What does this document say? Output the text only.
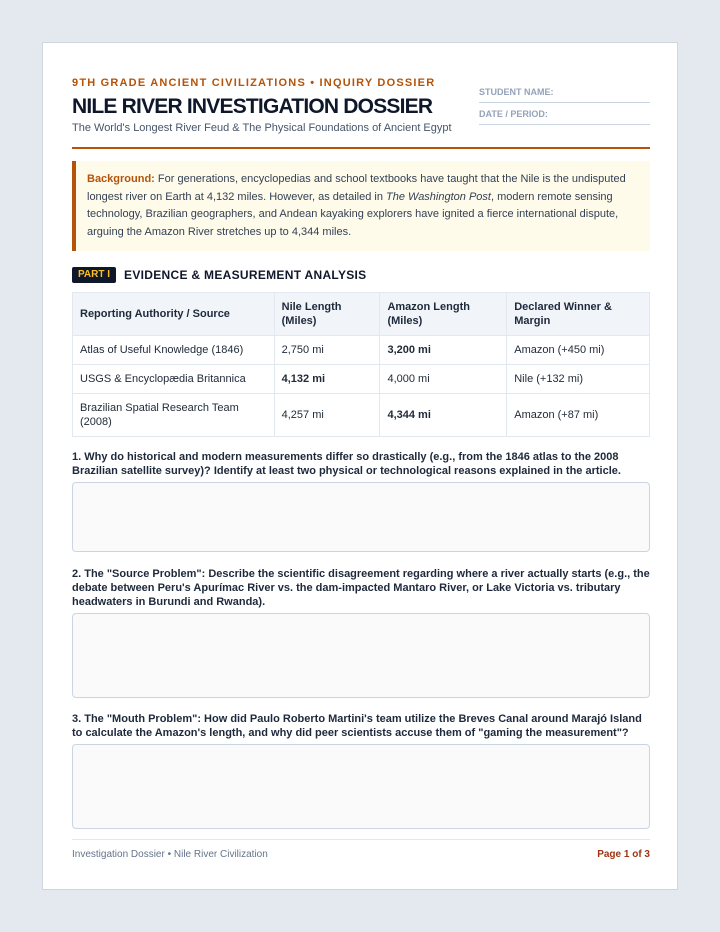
9TH GRADE ANCIENT CIVILIZATIONS • INQUIRY DOSSIER
NILE RIVER INVESTIGATION DOSSIER
The World's Longest River Feud & The Physical Foundations of Ancient Egypt
STUDENT NAME:
DATE / PERIOD:
Background: For generations, encyclopedias and school textbooks have taught that the Nile is the undisputed longest river on Earth at 4,132 miles. However, as detailed in The Washington Post, modern remote sensing technology, Brazilian geographers, and Andean kayaking explorers have ignited a fierce international dispute, arguing the Amazon River stretches up to 4,344 miles.
PART I	EVIDENCE & MEASUREMENT ANALYSIS
Reporting Authority / Source	Nile Length (Miles)	Amazon Length (Miles)	Declared Winner & Margin
Atlas of Useful Knowledge (1846)	2,750 mi	3,200 mi	Amazon (+450 mi)
USGS & Encyclopædia Britannica	4,132 mi	4,000 mi	Nile (+132 mi)
Brazilian Spatial Research Team (2008)	4,257 mi	4,344 mi	Amazon (+87 mi)
1. Why do historical and modern measurements differ so drastically (e.g., from the 1846 atlas to the 2008 Brazilian satellite survey)? Identify at least two physical or technological reasons explained in the article.
2. The "Source Problem": Describe the scientific disagreement regarding where a river actually starts (e.g., the debate between Peru's Apurímac River vs. the dam-impacted Mantaro River, or Lake Victoria vs. tributary headwaters in Burundi and Rwanda).
3. The "Mouth Problem": How did Paulo Roberto Martini's team utilize the Breves Canal around Marajó Island to calculate the Amazon's length, and why did peer scientists accuse them of "gaming the measurement"?
Investigation Dossier • Nile River Civilization	Page 1 of 3
